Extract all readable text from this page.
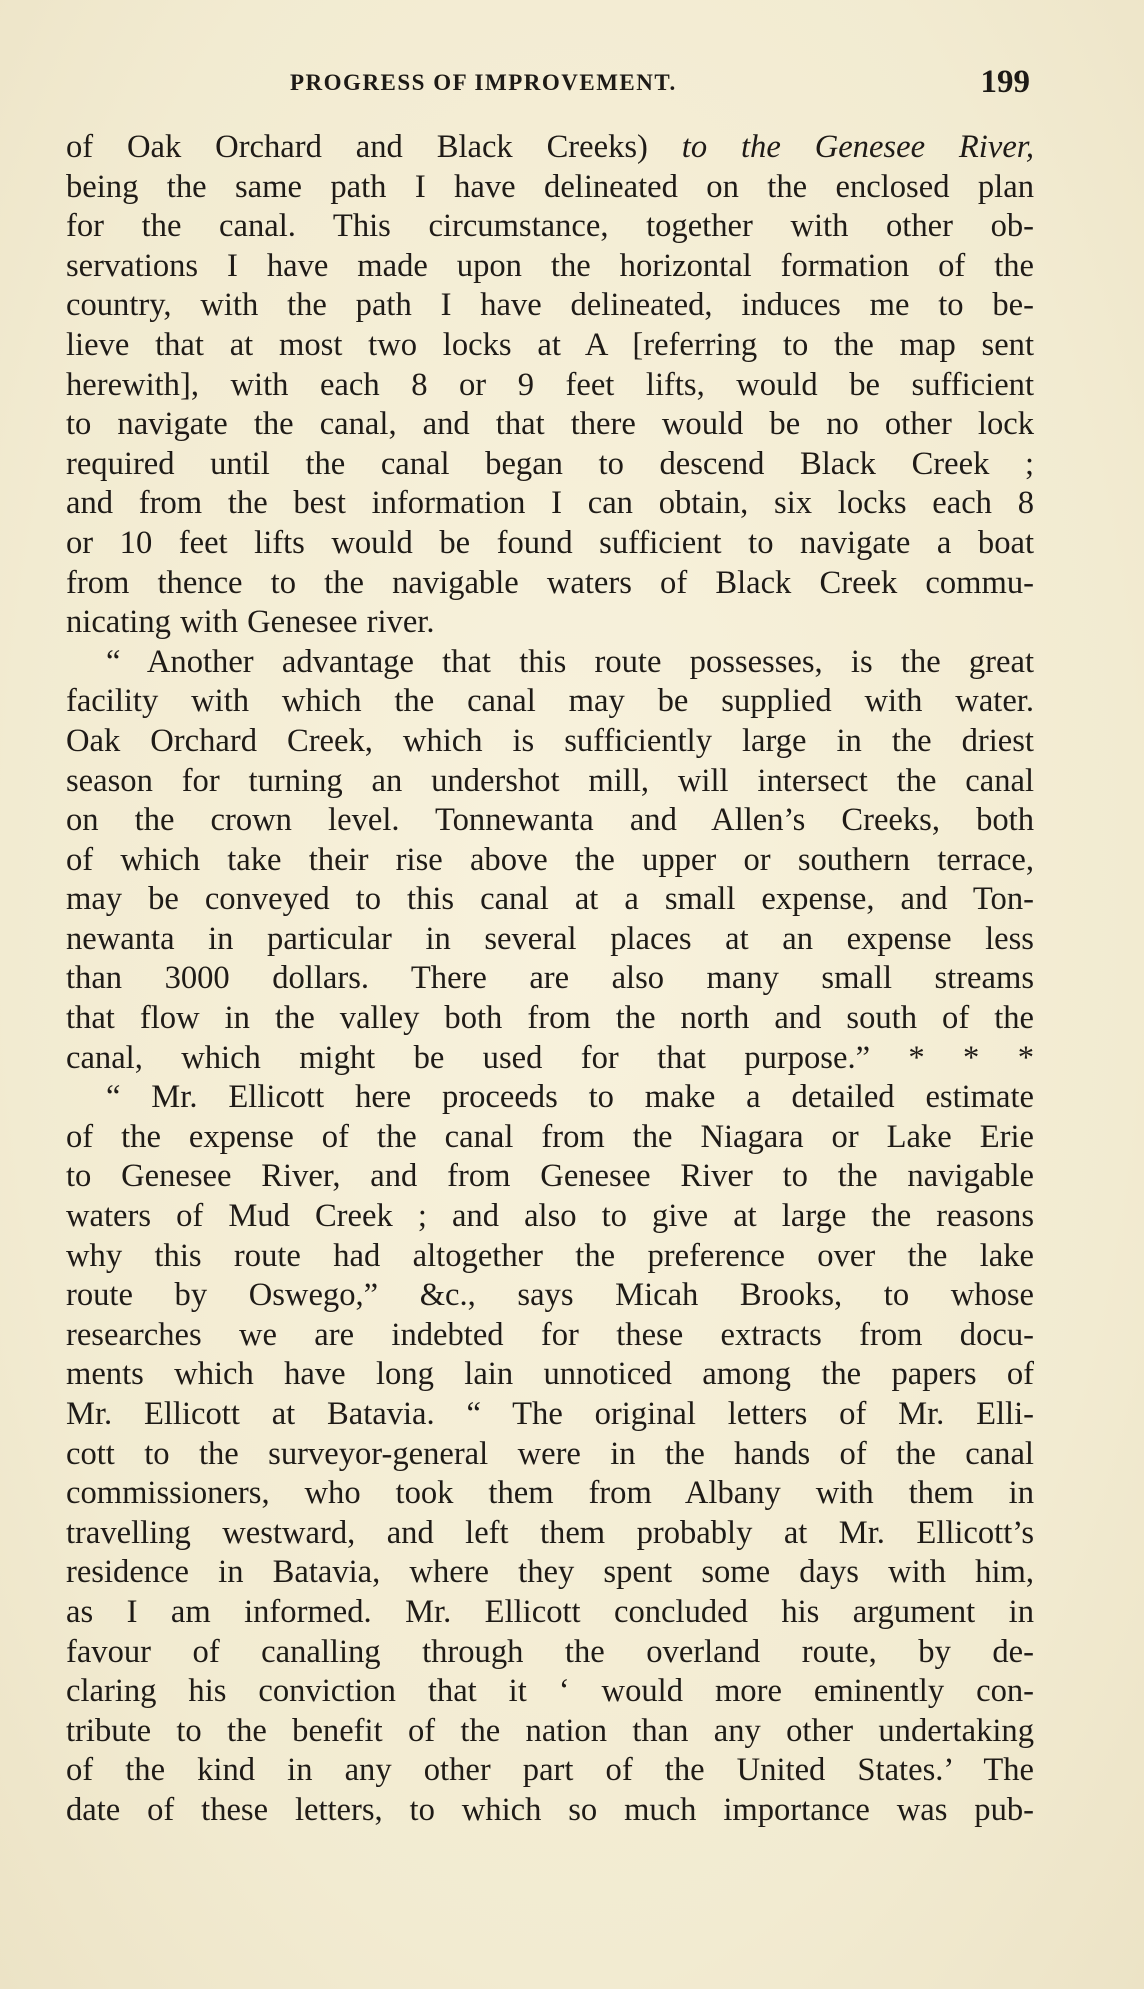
PROGRESS OF IMPROVEMENT.	199
of Oak Orchard and Black Creeks) to the Genesee River,
being the same path I have delineated on the enclosed plan
for the canal. This circumstance, together with other ob-
servations I have made upon the horizontal formation of the
country, with the path I have delineated, induces me to be-
lieve that at most two locks at A [referring to the map sent
herewith], with each 8 or 9 feet lifts, would be sufficient
to navigate the canal, and that there would be no other lock
required until the canal began to descend Black Creek ;
and from the best information I can obtain, six locks each 8
or 10 feet lifts would be found sufficient to navigate a boat
from thence to the navigable waters of Black Creek commu-
nicating with Genesee river.
“ Another advantage that this route possesses, is the great
facility with which the canal may be supplied with water.
Oak Orchard Creek, which is sufficiently large in the driest
season for turning an undershot mill, will intersect the canal
on the crown level. Tonnewanta and Allen’s Creeks, both
of which take their rise above the upper or southern terrace,
may be conveyed to this canal at a small expense, and Ton-
newanta in particular in several places at an expense less
than 3000 dollars. There are also many small streams
that flow in the valley both from the north and south of the
canal, which might be used for that purpose.” * * *
“ Mr. Ellicott here proceeds to make a detailed estimate
of the expense of the canal from the Niagara or Lake Erie
to Genesee River, and from Genesee River to the navigable
waters of Mud Creek ; and also to give at large the reasons
why this route had altogether the preference over the lake
route by Oswego,” &c., says Micah Brooks, to whose
researches we are indebted for these extracts from docu-
ments which have long lain unnoticed among the papers of
Mr. Ellicott at Batavia. “ The original letters of Mr. Elli-
cott to the surveyor-general were in the hands of the canal
commissioners, who took them from Albany with them in
travelling westward, and left them probably at Mr. Ellicott’s
residence in Batavia, where they spent some days with him,
as I am informed. Mr. Ellicott concluded his argument in
favour of canalling through the overland route, by de-
claring his conviction that it ‘ would more eminently con-
tribute to the benefit of the nation than any other undertaking
of the kind in any other part of the United States.’ The
date of these letters, to which so much importance was pub-
